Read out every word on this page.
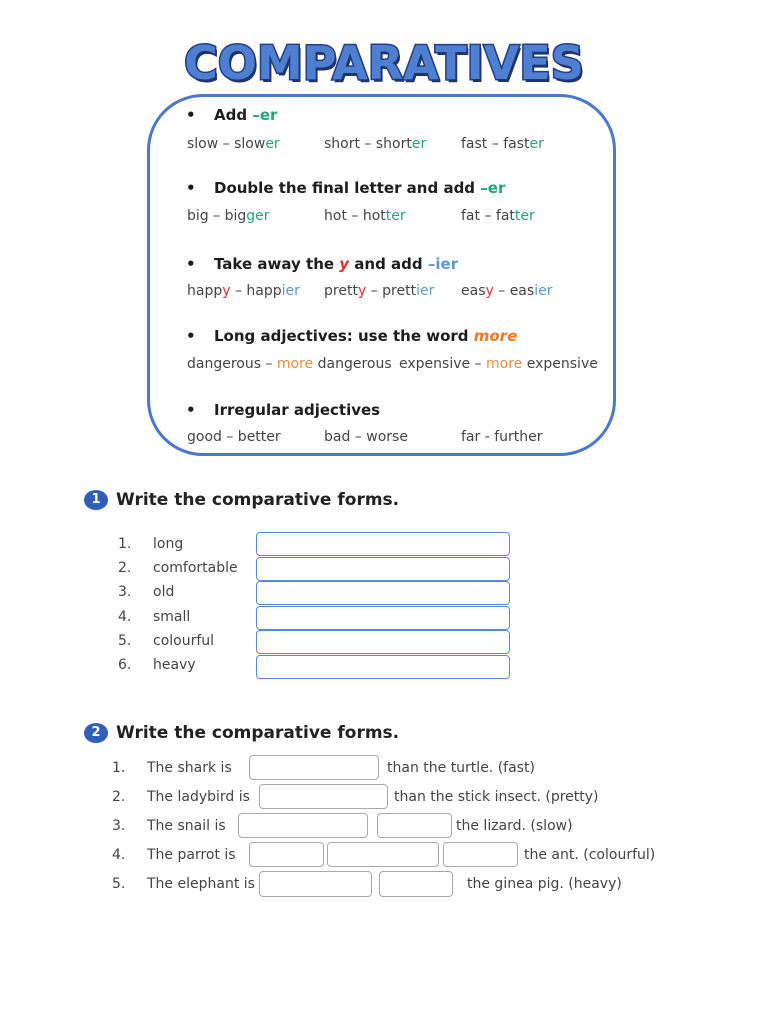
COMPARATIVES
• Add –er
slow – slower	short – shorter fast – faster
• Double the final letter and add –er
big – bigger	hot – hotter	fat – fatter
• Take away the y and add –ier
happy – happier pretty – prettier easy – easier
• Long adjectives: use the word more
dangerous – more dangerous expensive – more expensive
• Irregular adjectives
good – better	bad – worse	far - further
1 Write the comparative forms.
1. long
2. comfortable
3. old
4. small
5. colourful
6. heavy
2 Write the comparative forms.
1. The shark is	than the turtle. (fast)
2. The ladybird is	than the stick insect. (pretty)
3. The snail is	the lizard. (slow)
4. The parrot is	the ant. (colourful)
5. The elephant is	the ginea pig. (heavy)
